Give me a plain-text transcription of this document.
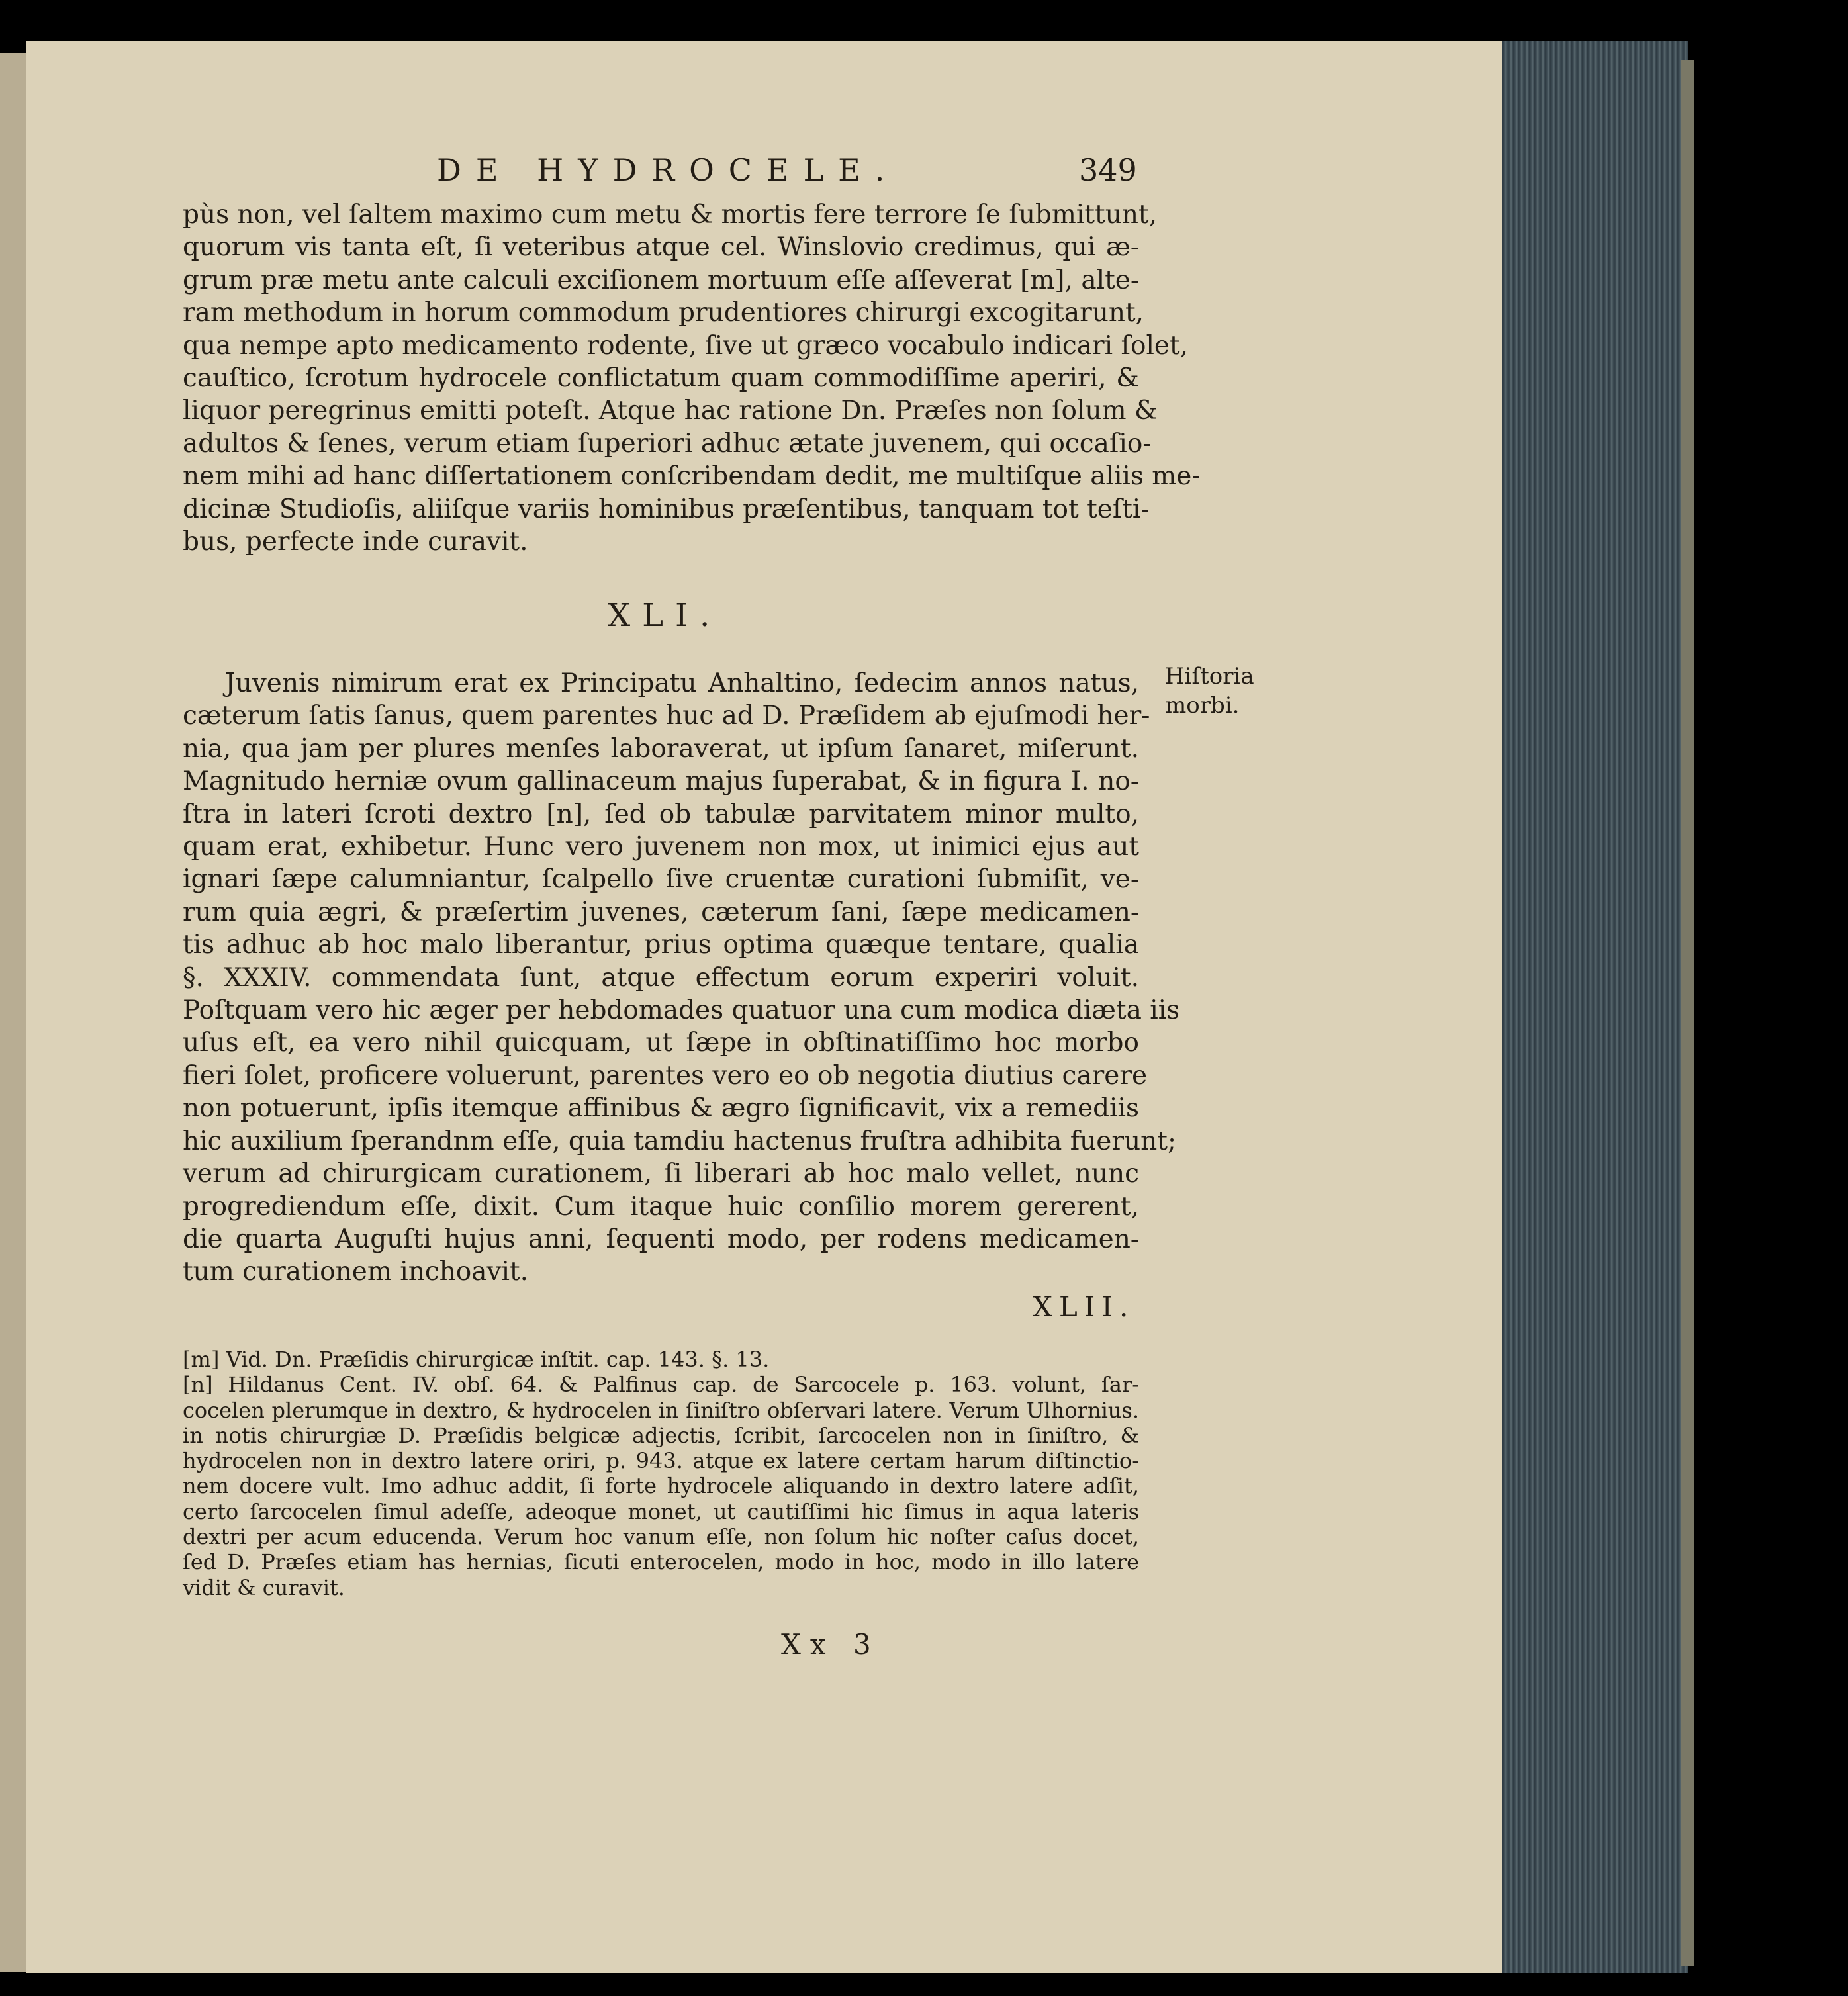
DE HYDROCELE.	349
pùs non, vel ſaltem maximo cum metu & mortis fere terrore ſe ſubmittunt,
quorum vis tanta eſt, ſi veteribus atque cel. Winslovio credimus, qui æ-
grum præ metu ante calculi exciſionem mortuum eſſe aſſeverat [m], alte-
ram methodum in horum commodum prudentiores chirurgi excogitarunt,
qua nempe apto medicamento rodente, ſive ut græco vocabulo indicari ſolet,
cauſtico, ſcrotum hydrocele conflictatum quam commodiſſime aperiri, &
liquor peregrinus emitti poteſt. Atque hac ratione Dn. Præſes non ſolum &
adultos & ſenes, verum etiam ſuperiori adhuc ætate juvenem, qui occaſio-
nem mihi ad hanc diſſertationem conſcribendam dedit, me multiſque aliis me-
dicinæ Studioſis, aliiſque variis hominibus præſentibus, tanquam tot teſti-
bus, perfecte inde curavit.
XLI.
Hiſtoria
morbi.
Juvenis nimirum erat ex Principatu Anhaltino, ſedecim annos natus,
cæterum ſatis ſanus, quem parentes huc ad D. Præſidem ab ejuſmodi her-
nia, qua jam per plures menſes laboraverat, ut ipſum ſanaret, miſerunt.
Magnitudo herniæ ovum gallinaceum majus ſuperabat, & in figura I. no-
ſtra in lateri ſcroti dextro [n], ſed ob tabulæ parvitatem minor multo,
quam erat, exhibetur. Hunc vero juvenem non mox, ut inimici ejus aut
ignari ſæpe calumniantur, ſcalpello ſive cruentæ curationi ſubmiſit, ve-
rum quia ægri, & præſertim juvenes, cæterum ſani, ſæpe medicamen-
tis adhuc ab hoc malo liberantur, prius optima quæque tentare, qualia
§. XXXIV. commendata ſunt, atque effectum eorum experiri voluit.
Poſtquam vero hic æger per hebdomades quatuor una cum modica diæta iis
uſus eſt, ea vero nihil quicquam, ut ſæpe in obſtinatiſſimo hoc morbo
fieri ſolet, proficere voluerunt, parentes vero eo ob negotia diutius carere
non potuerunt, ipſis itemque affinibus & ægro ſignificavit, vix a remediis
hic auxilium ſperandnm eſſe, quia tamdiu hactenus fruſtra adhibita fuerunt;
verum ad chirurgicam curationem, ſi liberari ab hoc malo vellet, nunc
progrediendum eſſe, dixit. Cum itaque huic conſilio morem gererent,
die quarta Auguſti hujus anni, ſequenti modo, per rodens medicamen-
tum curationem inchoavit.
XLII.
[m] Vid. Dn. Præſidis chirurgicæ inſtit. cap. 143. §. 13.
[n] Hildanus Cent. IV. obſ. 64. & Palfinus cap. de Sarcocele p. 163. volunt, ſar-
cocelen plerumque in dextro, & hydrocelen in ſiniſtro obſervari latere. Verum Ulhornius.
in notis chirurgiæ D. Præſidis belgicæ adjectis, ſcribit, ſarcocelen non in ſiniſtro, &
hydrocelen non in dextro latere oriri, p. 943. atque ex latere certam harum diſtinctio-
nem docere vult. Imo adhuc addit, ſi forte hydrocele aliquando in dextro latere adſit,
certo ſarcocelen ſimul adeſſe, adeoque monet, ut cautiſſimi hic ſimus in aqua lateris
dextri per acum educenda. Verum hoc vanum eſſe, non ſolum hic noſter caſus docet,
ſed D. Præſes etiam has hernias, ſicuti enterocelen, modo in hoc, modo in illo latere
vidit & curavit.
Xx 3
